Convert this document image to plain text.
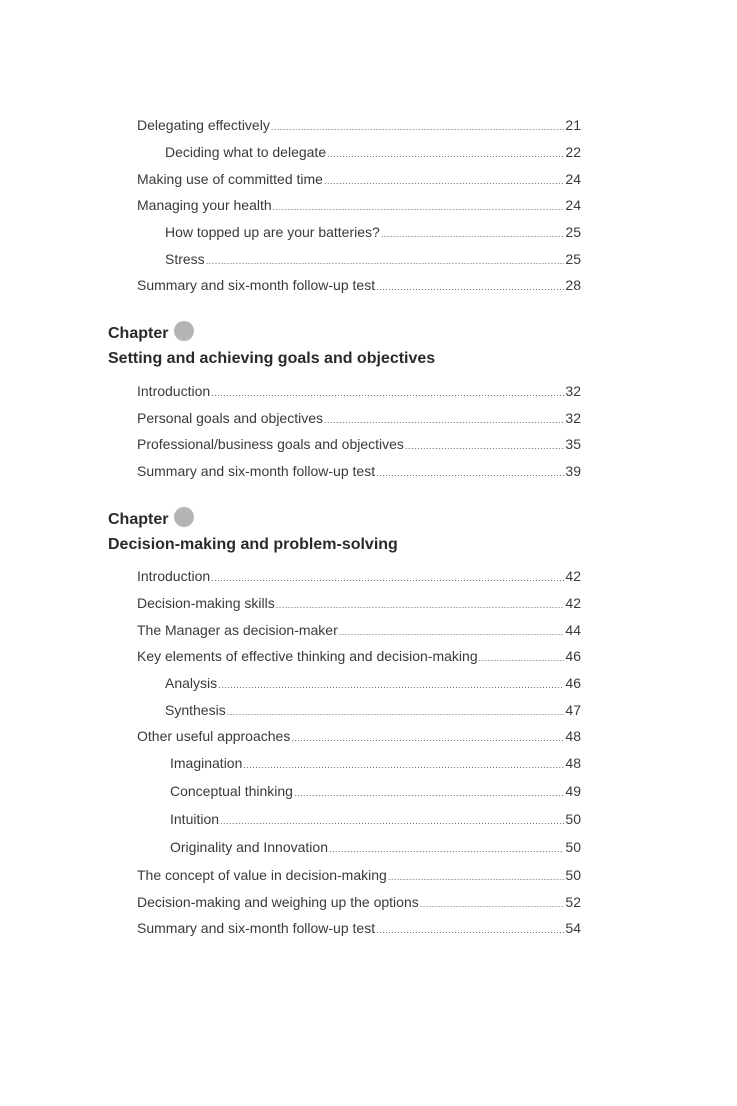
Delegating effectively .....	21
Deciding what to delegate .....	22
Making use of committed time .....	24
Managing your health .....	24
How topped up are your batteries? .....	25
Stress .....	25
Summary and six-month follow-up test .....	28
Chapter
Setting and achieving goals and objectives
Introduction .....	32
Personal goals and objectives .....	32
Professional/business goals and objectives .....	35
Summary and six-month follow-up test .....	39
Chapter
Decision-making and problem-solving
Introduction .....	42
Decision-making skills .....	42
The Manager as decision-maker .....	44
Key elements of effective thinking and decision-making .....	46
Analysis .....	46
Synthesis .....	47
Other useful approaches .....	48
Imagination .....	48
Conceptual thinking .....	49
Intuition .....	50
Originality and Innovation .....	50
The concept of value in decision-making .....	50
Decision-making and weighing up the options .....	52
Summary and six-month follow-up test .....	54
